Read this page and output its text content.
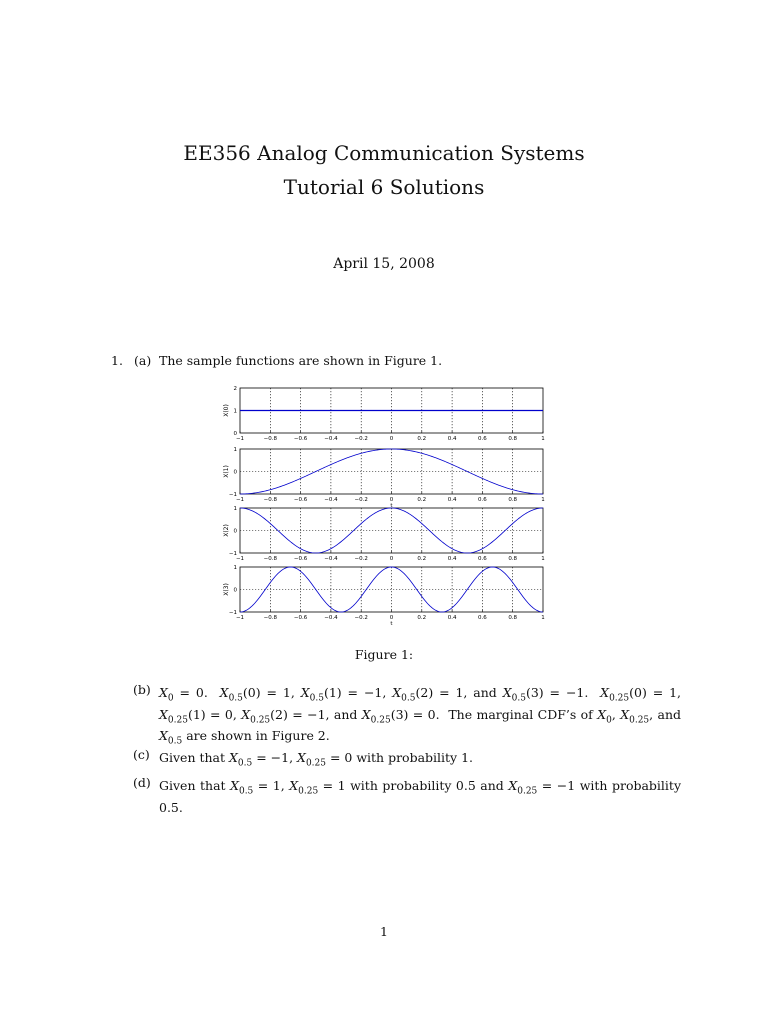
EE356 Analog Communication Systems
Tutorial 6 Solutions
April 15, 2008
1. (a) The sample functions are shown in Figure 1.
−1	−0.8	−0.6	−0.4	−0.2	0	0.2	0.4	0.6	0.8	1
0
1
2
X(0)
−1	−0.8	−0.6	−0.4	−0.2	0	0.2	0.4	0.6	0.8	1
−1
0
1
X(1)
t
−1	−0.8	−0.6	−0.4	−0.2	0	0.2	0.4	0.6	0.8	1
−1
0
1
X(2)
−1	−0.8	−0.6	−0.4	−0.2	0	0.2	0.4	0.6	0.8	1
−1
0
1
X(3)
t
Figure 1:
(b) $X_0 = 0$.  $X_{0.5}(0) = 1$, $X_{0.5}(1) = -1$, $X_{0.5}(2) = 1$, and $X_{0.5}(3) = -1$.  $X_{0.25}(0) = 1$, $X_{0.25}(1) = 0$, $X_{0.25}(2) = -1$, and $X_{0.25}(3) = 0$.  The marginal CDF’s of $X_0$, $X_{0.25}$, and $X_{0.5}$ are shown in Figure 2.
(c) Given that $X_{0.5} = -1$, $X_{0.25} = 0$ with probability 1.
(d) Given that $X_{0.5} = 1$, $X_{0.25} = 1$ with probability 0.5 and $X_{0.25} = -1$ with probability 0.5.
1
